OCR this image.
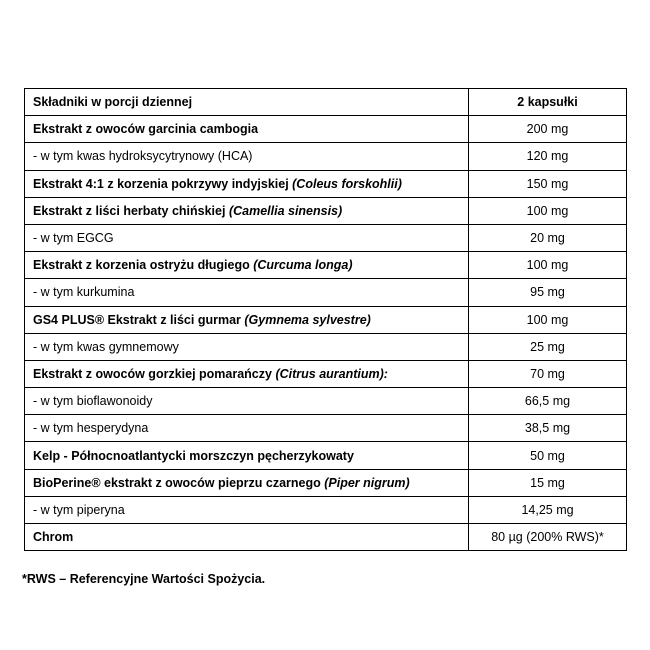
Składniki w porcji dziennej	2 kapsułki
Ekstrakt z owoców garcinia cambogia	200 mg
- w tym kwas hydroksycytrynowy (HCA)	120 mg
Ekstrakt 4:1 z korzenia pokrzywy indyjskiej (Coleus forskohlii)	150 mg
Ekstrakt z liści herbaty chińskiej (Camellia sinensis)	100 mg
- w tym EGCG	20 mg
Ekstrakt z korzenia ostryżu długiego (Curcuma longa)	100 mg
- w tym kurkumina	95 mg
GS4 PLUS® Ekstrakt z liści gurmar (Gymnema sylvestre)	100 mg
- w tym kwas gymnemowy	25 mg
Ekstrakt z owoców gorzkiej pomarańczy (Citrus aurantium):	70 mg
- w tym bioflawonoidy	66,5 mg
- w tym hesperydyna	38,5 mg
Kelp - Północnoatlantycki morszczyn pęcherzykowaty	50 mg
BioPerine® ekstrakt z owoców pieprzu czarnego (Piper nigrum)	15 mg
- w tym piperyna	14,25 mg
Chrom	80 µg (200% RWS)*
*RWS – Referencyjne Wartości Spożycia.
